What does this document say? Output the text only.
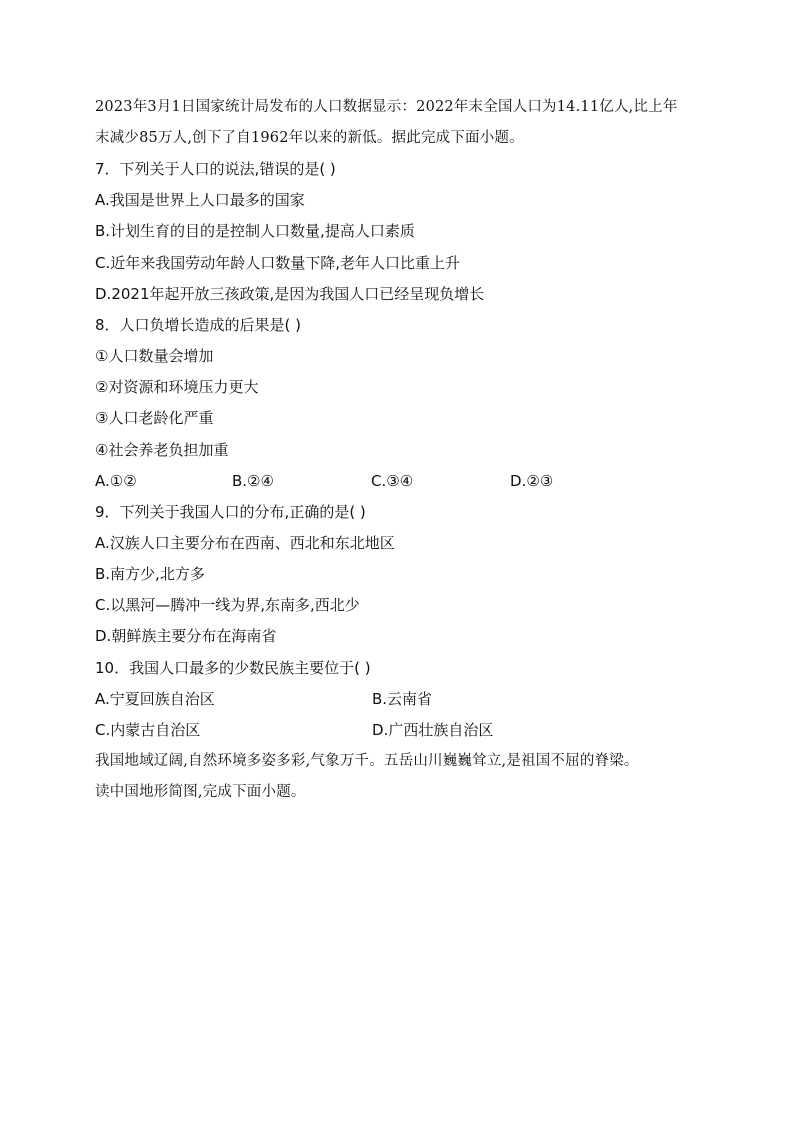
2023年3月1日国家统计局发布的人口数据显示：2022年末全国人口为14.11亿人,比上年
末减少85万人,创下了自1962年以来的新低。据此完成下面小题。
7．下列关于人口的说法,错误的是( )
A.我国是世界上人口最多的国家
B.计划生育的目的是控制人口数量,提高人口素质
C.近年来我国劳动年龄人口数量下降,老年人口比重上升
D.2021年起开放三孩政策,是因为我国人口已经呈现负增长
8．人口负增长造成的后果是( )
①人口数量会增加
②对资源和环境压力更大
③人口老龄化严重
④社会养老负担加重
A.①②	B.②④	C.③④	D.②③
9．下列关于我国人口的分布,正确的是( )
A.汉族人口主要分布在西南、西北和东北地区
B.南方少,北方多
C.以黑河—腾冲一线为界,东南多,西北少
D.朝鲜族主要分布在海南省
10．我国人口最多的少数民族主要位于( )
A.宁夏回族自治区	B.云南省
C.内蒙古自治区	D.广西壮族自治区
我国地域辽阔,自然环境多姿多彩,气象万千。五岳山川巍巍耸立,是祖国不屈的脊梁。
读中国地形简图,完成下面小题。
